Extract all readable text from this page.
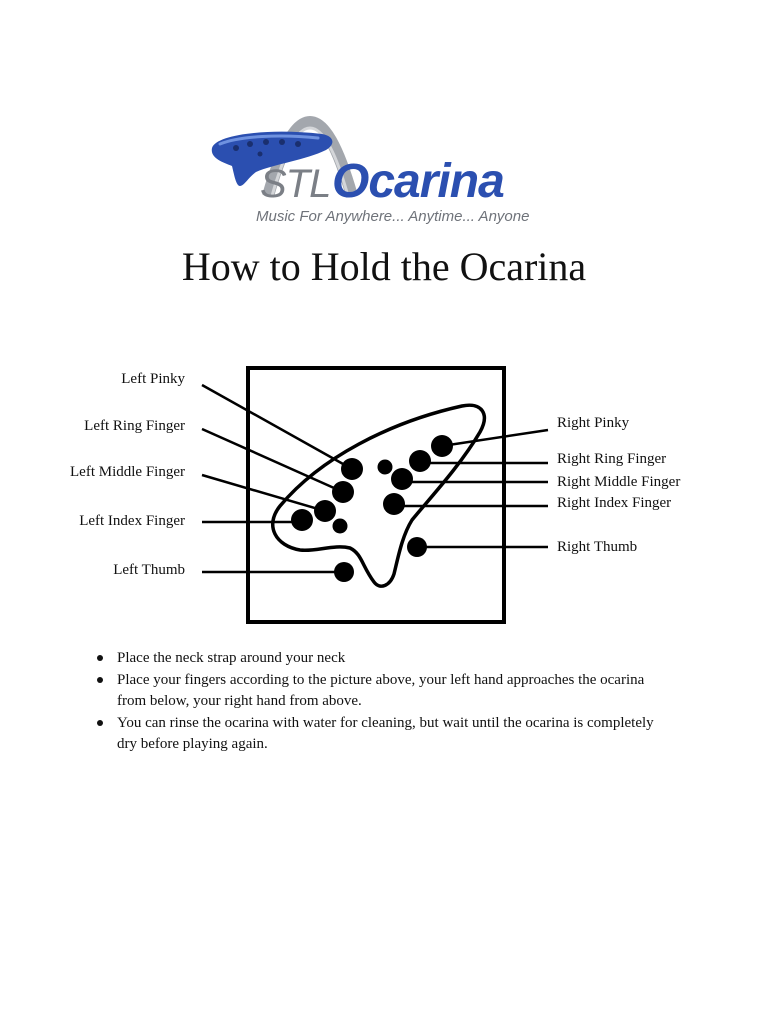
STL Ocarina
Music For Anywhere... Anytime... Anyone
How to Hold the Ocarina
Left Pinky
Left Ring Finger
Left Middle Finger
Left Index Finger
Left Thumb
Right Pinky
Right Ring Finger
Right Middle Finger
Right Index Finger
Right Thumb
Place the neck strap around your neck
Place your fingers according to the picture above, your left hand approaches the ocarina from below, your right hand from above.
You can rinse the ocarina with water for cleaning, but wait until the ocarina is completely dry before playing again.
